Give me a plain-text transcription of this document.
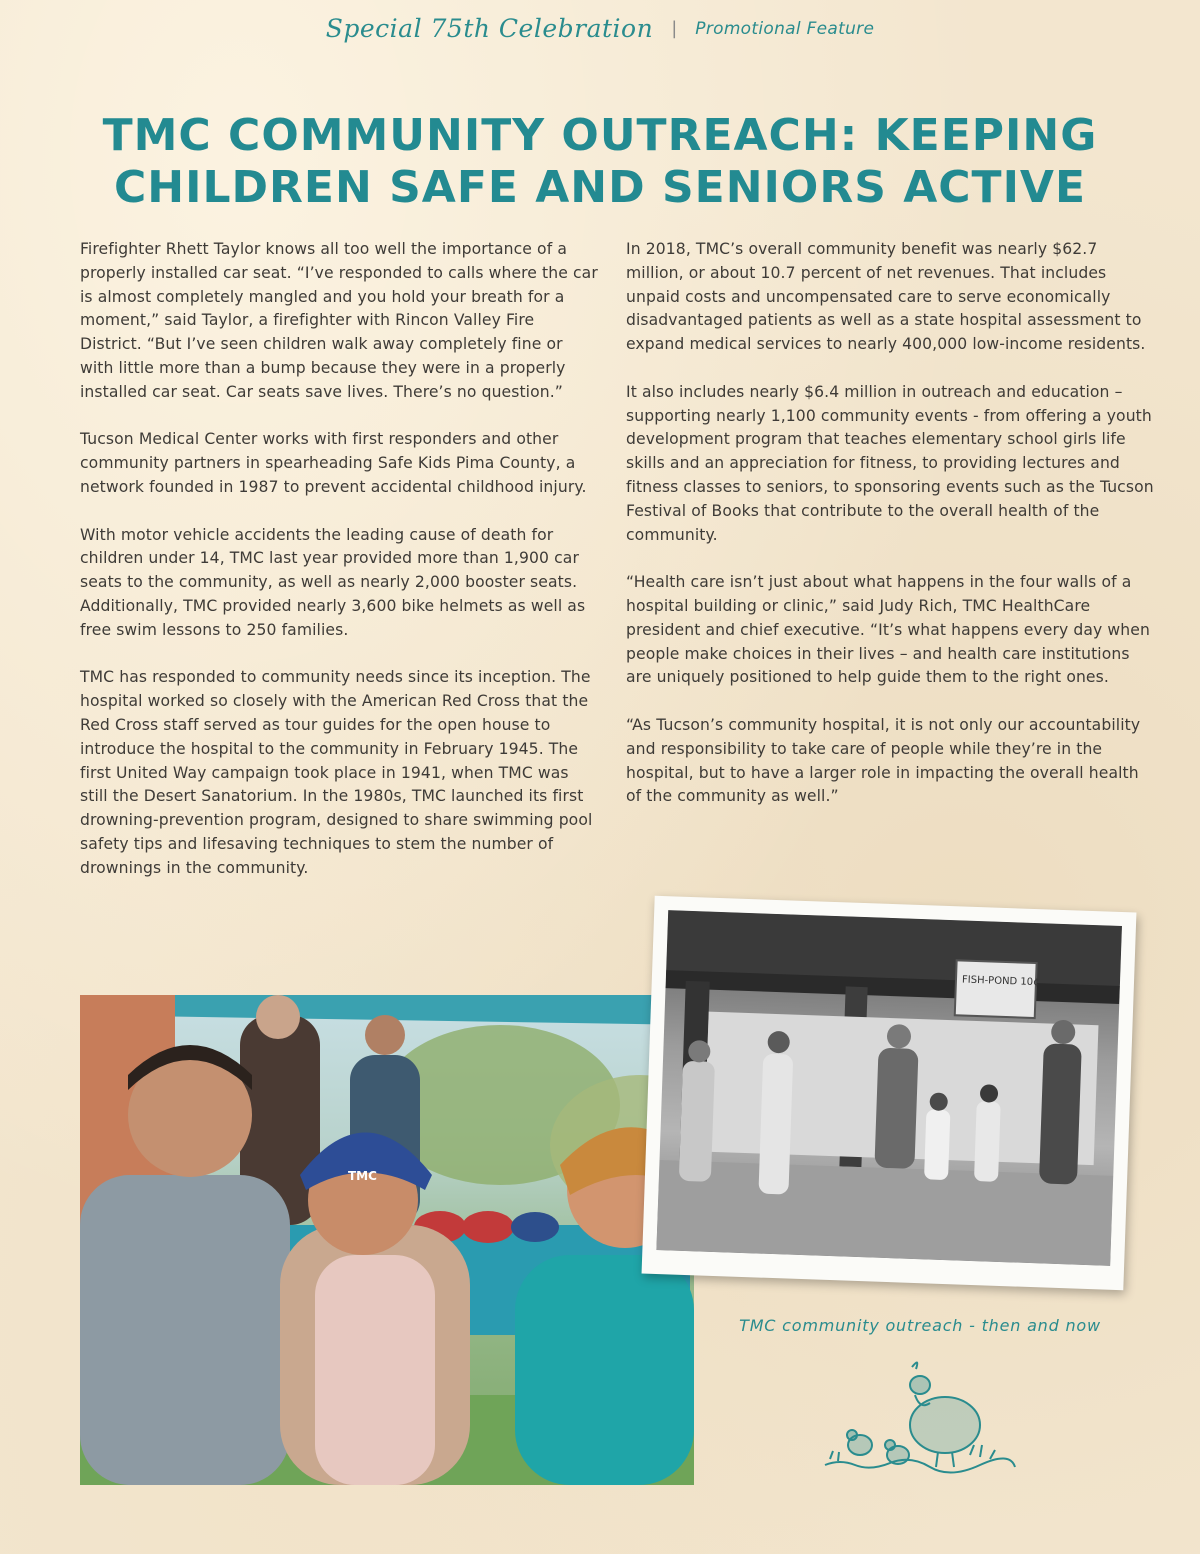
Special 75th Celebration | Promotional Feature
TMC COMMUNITY OUTREACH: KEEPING
CHILDREN SAFE AND SENIORS ACTIVE

Firefighter Rhett Taylor knows all too well the importance of a properly installed car seat. “I’ve responded to calls where the car is almost completely mangled and you hold your breath for a moment,” said Taylor, a firefighter with Rincon Valley Fire District. “But I’ve seen children walk away completely fine or with little more than a bump because they were in a properly installed car seat. Car seats save lives. There’s no question.”

Tucson Medical Center works with first responders and other community partners in spearheading Safe Kids Pima County, a network founded in 1987 to prevent accidental childhood injury.

With motor vehicle accidents the leading cause of death for children under 14, TMC last year provided more than 1,900 car seats to the community, as well as nearly 2,000 booster seats. Additionally, TMC provided nearly 3,600 bike helmets as well as free swim lessons to 250 families.

TMC has responded to community needs since its inception. The hospital worked so closely with the American Red Cross that the Red Cross staff served as tour guides for the open house to introduce the hospital to the community in February 1945. The first United Way campaign took place in 1941, when TMC was still the Desert Sanatorium. In the 1980s, TMC launched its first drowning-prevention program, designed to share swimming pool safety tips and lifesaving techniques to stem the number of drownings in the community.

In 2018, TMC’s overall community benefit was nearly $62.7 million, or about 10.7 percent of net revenues. That includes unpaid costs and uncompensated care to serve economically disadvantaged patients as well as a state hospital assessment to expand medical services to nearly 400,000 low-income residents.

It also includes nearly $6.4 million in outreach and education – supporting nearly 1,100 community events - from offering a youth development program that teaches elementary school girls life skills and an appreciation for fitness, to providing lectures and fitness classes to seniors, to sponsoring events such as the Tucson Festival of Books that contribute to the overall health of the community.

“Health care isn’t just about what happens in the four walls of a hospital building or clinic,” said Judy Rich, TMC HealthCare president and chief executive. “It’s what happens every day when people make choices in their lives – and health care institutions are uniquely positioned to help guide them to the right ones.

“As Tucson’s community hospital, it is not only our accountability and responsibility to take care of people while they’re in the hospital, but to have a larger role in impacting the overall health of the community as well.”

TMC
FISH-POND 10¢
TMC community outreach - then and now
